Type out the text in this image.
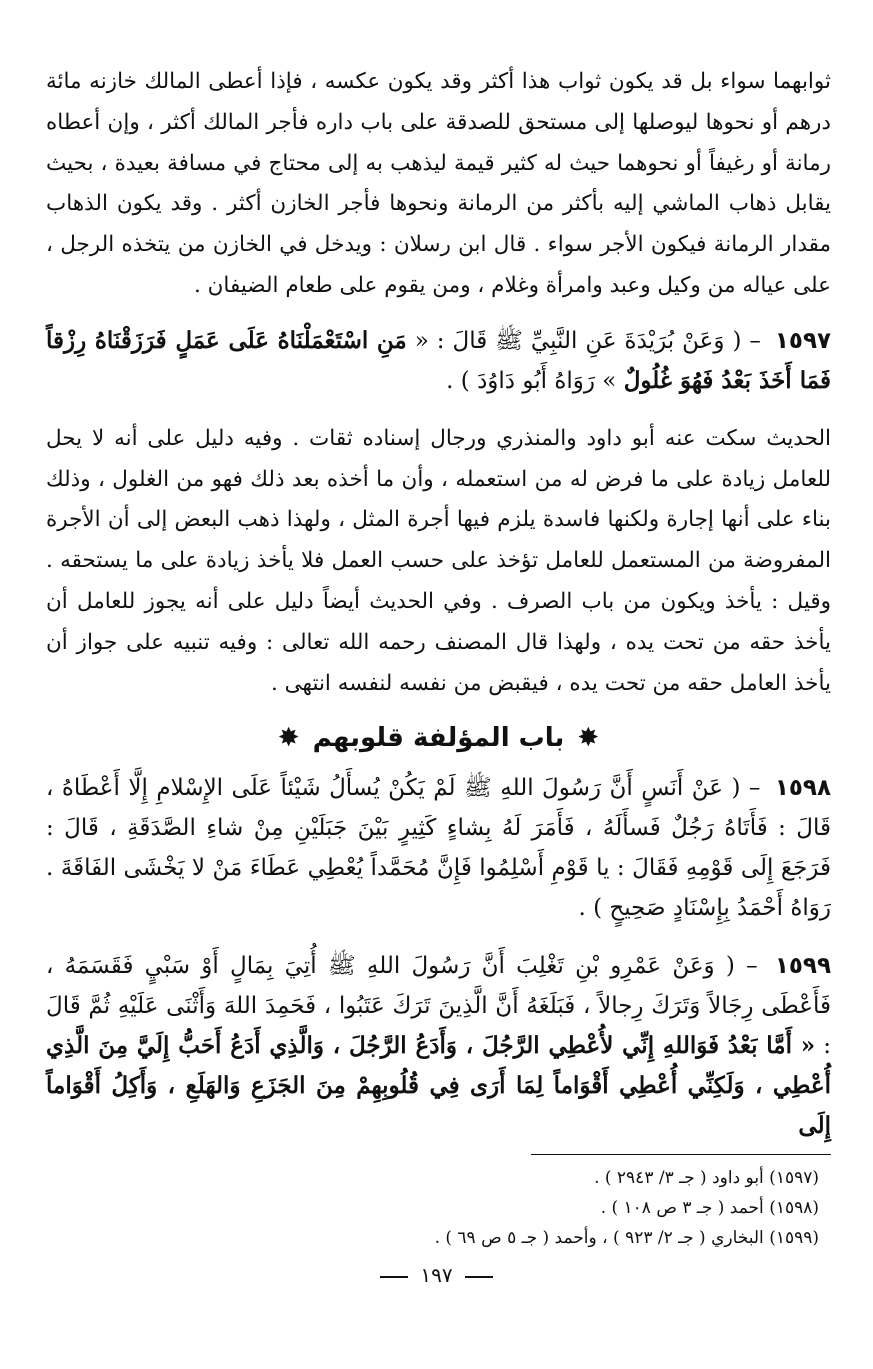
ثوابهما سواء بل قد يكون ثواب هذا أكثر وقد يكون عكسه ، فإذا أعطى المالك خازنه مائة درهم أو نحوها ليوصلها إلى مستحق للصدقة على باب داره فأجر المالك أكثر ، وإن أعطاه رمانة أو رغيفاً أو نحوهما حيث له كثير قيمة ليذهب به إلى محتاج في مسافة بعيدة ، بحيث يقابل ذهاب الماشي إليه بأكثر من الرمانة ونحوها فأجر الخازن أكثر . وقد يكون الذهاب مقدار الرمانة فيكون الأجر سواء . قال ابن رسلان : ويدخل في الخازن من يتخذه الرجل ، على عياله من وكيل وعبد وامرأة وغلام ، ومن يقوم على طعام الضيفان .

١٥٩٧ – ( وَعَنْ بُرَيْدَةَ عَنِ النَّبِيِّ ﷺ قَالَ : « مَنِ اسْتَعْمَلْنَاهُ عَلَى عَمَلٍ فَرَزَقْنَاهُ رِزْقاً فَمَا أَخَذَ بَعْدُ فَهُوَ غُلُولٌ » رَوَاهُ أَبُو دَاوُدَ ) .

الحديث سكت عنه أبو داود والمنذري ورجال إسناده ثقات . وفيه دليل على أنه لا يحل للعامل زيادة على ما فرض له من استعمله ، وأن ما أخذه بعد ذلك فهو من الغلول ، وذلك بناء على أنها إجارة ولكنها فاسدة يلزم فيها أجرة المثل ، ولهذا ذهب البعض إلى أن الأجرة المفروضة من المستعمل للعامل تؤخذ على حسب العمل فلا يأخذ زيادة على ما يستحقه . وقيل : يأخذ ويكون من باب الصرف . وفي الحديث أيضاً دليل على أنه يجوز للعامل أن يأخذ حقه من تحت يده ، ولهذا قال المصنف رحمه الله تعالى : وفيه تنبيه على جواز أن يأخذ العامل حقه من تحت يده ، فيقبض من نفسه لنفسه انتهى .

✸ باب المؤلفة قلوبهم ✸

١٥٩٨ – ( عَنْ أَنَسٍ أَنَّ رَسُولَ اللهِ ﷺ لَمْ يَكُنْ يُسأَلُ شَيْئاً عَلَى الإِسْلامِ إِلَّا أَعْطَاهُ ، قَالَ : فَأَتَاهُ رَجُلٌ فَسأَلَهُ ، فَأَمَرَ لَهُ بِشاءٍ كَثِيرٍ بَيْنَ جَبَلَيْنِ مِنْ شاءِ الصَّدَقَةِ ، قَالَ : فَرَجَعَ إِلَى قَوْمِهِ فَقَالَ : يا قَوْمِ أَسْلِمُوا فَإِنَّ مُحَمَّداً يُعْطِي عَطَاءَ مَنْ لا يَخْشَى الفَاقَةَ . رَوَاهُ أَحْمَدُ بِإِسْنَادٍ صَحِيحٍ ) .

١٥٩٩ – ( وَعَنْ عَمْرِو بْنِ تَغْلِبَ أَنَّ رَسُولَ اللهِ ﷺ أُتِيَ بِمَالٍ أَوْ سَبْيٍ فَقَسَمَهُ ، فَأَعْطَى رِجَالاً وَتَرَكَ رِجالاً ، فَبَلَغَهُ أَنَّ الَّذِينَ تَرَكَ عَتَبُوا ، فَحَمِدَ اللهَ وَأَثْنَى عَلَيْهِ ثُمَّ قَالَ : « أَمَّا بَعْدُ فَوَاللهِ إِنِّي لأُعْطِي الرَّجُلَ ، وَأَدَعُ الرَّجُلَ ، وَالَّذِي أَدَعُ أَحَبُّ إِلَيَّ مِنَ الَّذِي أُعْطِي ، وَلَكِنِّي أُعْطِي أَقْوَاماً لِمَا أَرَى فِي قُلُوبِهِمْ مِنَ الجَزَعِ وَالهَلَعِ ، وَأَكِلُ أَقْوَاماً إِلَى

(١٥٩٧) أبو داود ( جـ ٣/ ٢٩٤٣ ) .
(١٥٩٨) أحمد ( جـ ٣ ص ١٠٨ ) .
(١٥٩٩) البخاري ( جـ ٢/ ٩٢٣ ) ، وأحمد ( جـ ٥ ص ٦٩ ) .
١٩٧
